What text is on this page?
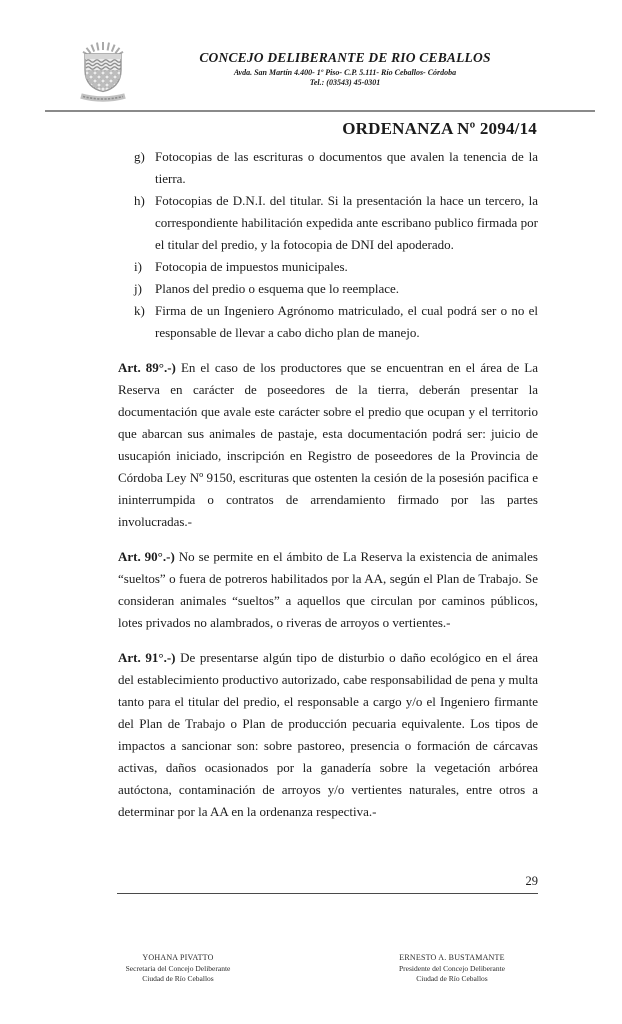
CONCEJO DELIBERANTE DE RIO CEBALLOS
Avda. San Martín 4.400- 1º Piso- C.P. 5.111- Río Ceballos- Córdoba
Tel.: (03543) 45-0301
ORDENANZA Nº 2094/14
g) Fotocopias de las escrituras o documentos que avalen la tenencia de la tierra.
h) Fotocopias de D.N.I. del titular. Si la presentación la hace un tercero, la correspondiente habilitación expedida ante escribano publico firmada por el titular del predio, y la fotocopia de DNI del apoderado.
i)	Fotocopia de impuestos municipales.
j)	Planos del predio o esquema que lo reemplace.
k) Firma de un Ingeniero Agrónomo matriculado, el cual podrá ser o no el responsable de llevar a cabo dicho plan de manejo.

Art. 89°.-) En el caso de los productores que se encuentran en el área de La Reserva en carácter de poseedores de la tierra, deberán presentar la documentación que avale este carácter sobre el predio que ocupan y el territorio que abarcan sus animales de pastaje, esta documentación podrá ser: juicio de usucapión iniciado, inscripción en Registro de poseedores de la Provincia de Córdoba Ley Nº 9150, escrituras que ostenten la cesión de la posesión pacifica e ininterrumpida o contratos de arrendamiento firmado por las partes involucradas.-

Art. 90°.-) No se permite en el ámbito de La Reserva la existencia de animales “sueltos” o fuera de potreros habilitados por la AA, según el Plan de Trabajo. Se consideran animales “sueltos” a aquellos que circulan por caminos públicos, lotes privados no alambrados, o riveras de arroyos o vertientes.-

Art. 91°.-) De presentarse algún tipo de disturbio o daño ecológico en el área del establecimiento productivo autorizado, cabe responsabilidad de pena y multa tanto para el titular del predio, el responsable a cargo y/o el Ingeniero firmante del Plan de Trabajo o Plan de producción pecuaria equivalente. Los tipos de impactos a sancionar son: sobre pastoreo, presencia o formación de cárcavas activas, daños ocasionados por la ganadería sobre la vegetación arbórea autóctona, contaminación de arroyos y/o vertientes naturales, entre otros a determinar por la AA en la ordenanza respectiva.-

29
YOHANA PIVATTO
Secretaria del Concejo Deliberante
Ciudad de Río Ceballos
ERNESTO A. BUSTAMANTE
Presidente del Concejo Deliberante
Ciudad de Río Ceballos
